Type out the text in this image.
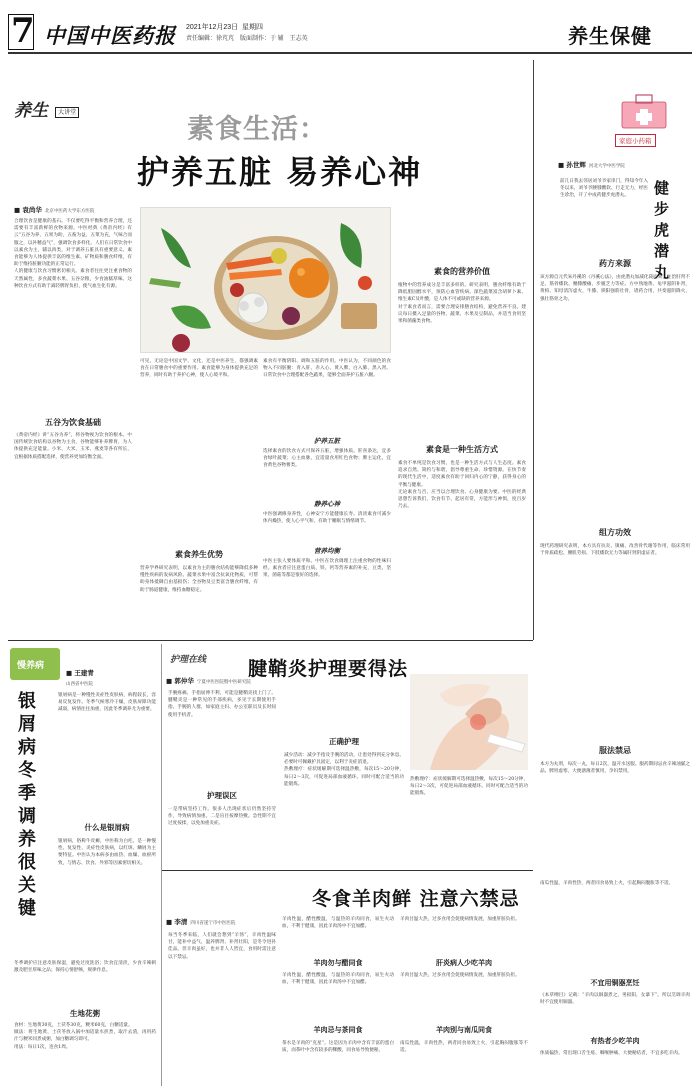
7 中国中医药报 2021年12月23日 星期四
责任编辑：徐芃芃　版面制作：于 辅　王志英	养生保健
养生 大讲堂
素食生活：
护养五脏 易养心神
■ 袁尚华 北京中医药大学东方医院
合理饮食是健康的基石。不仅要吃得平衡和营养合理，还需要有丰富新鲜的食物来源。中医经典《黄帝内经》有云“五谷为养，五果为助，五畜为益，五菜为充，气味合而服之，以补精益气”，强调饮食多样化。人们在日常饮食中以素食为主，辅以肉类，对于调养五脏具有重要意义。素食能够为人体提供丰富的维生素、矿物质和膳食纤维，有助于维持脏腑功能的正常运行。
人的健康与饮食习惯密切相关。素食者往往更注重食物的天然属性，多食蔬菜水果、五谷杂粮，少食油腻厚味。这种饮食方式有助于减轻脾胃负担，使气血生化有源。
五谷为饮食基础
《黄帝内经》讲“五谷为养”，将谷物视为饮食的根本。中国传统饮食结构以谷物为主食，谷物能够补养脾胃，为人体提供充足能量。小米、大米、玉米、燕麦等各有所长，宜根据体质搭配选择，使营养更加均衡全面。
可见，无论是中国文学、文化，还是中医养生，都强调素食在日常膳食中的重要作用。素食能够为身体提供充足的营养，同时有助于养护心神，使人心境平和。
素食养生优势
营养学界研究表明，以素食为主的膳食结构能够降低多种慢性疾病的发病风险。蔬菜水果中富含抗氧化物质，可帮助身体抵御自由基损伤；全谷物及豆类富含膳食纤维，有助于肠道健康，维持血糖稳定。
素食有平衡阴阳、调和五脏的作用。中医认为，不同颜色的食物入不同脏腑：青入肝、赤入心、黄入脾、白入肺、黑入肾。日常饮食中合理搭配各色蔬果，能够全面养护五脏六腑。
护养五脏
选择素食的饮食方式可保养五脏，增强体质。肝喜条达，宜多食绿叶蔬菜；心主血脉，宜适量食用红色食物；脾主运化，宜食黄色谷物薯类。
静养心神
中医强调修身养性，心神安宁方能健康长寿。清淡素食可减少体内燥热，使人心平气和，有助于睡眠与情绪调节。
营养均衡
中医主张人要体质平和。中医在饮食调理上注重食物的性味归经。素食者应注意蛋白质、铁、钙等营养素的补充，豆类、坚果、菌菇等都是很好的选择。
素食的营养价值
植物中的营养成分是丰富多样的。研究表明，膳食纤维有助于降低胆固醇水平，预防心血管疾病。深色蔬菜富含胡萝卜素、维生素C及叶酸，是人体不可或缺的营养来源。
对于素食者而言，需要合理安排膳食结构，避免营养不良。建议每日摄入足量的谷物、蔬菜、水果及豆制品，并适当食用坚果和菌藻类食物。
素食是一种生活方式
素食不单纯是饮食习惯，也是一种生活方式与人生态度。素食追求自然、简约与和谐，倡导尊重生命、珍惜资源。在快节奏的现代生活中，适度素食有助于回归内心的宁静，获得身心的平衡与健康。
无论素食与否，应当以合理饮食、心身健康为要。中医的经典思想告诉我们，饮食有节、起居有常，方能形与神俱，度百岁乃去。
家庭小药箱
■ 孙世辉 河北大学中医学院
健步虎潜丸
前几日我去邻居刘爷爷家串门，得知今年入冬以来，刘爷爷腰膝酸软、行走无力，经医生诊治，开了中成药健步虎潜丸。
药方来源
该方源自元代朱丹溪的《丹溪心法》，由虎潜丸加减化裁而来，主治肝肾不足、筋骨痿软、腰膝酸痛、步履乏力等症。方中熟地黄、龟甲滋阴补肾，黄柏、知母清泻虚火，牛膝、锁阳强筋壮骨，诸药合用，共奏滋阴降火、强壮筋骨之功。
组方功效
现代药理研究表明，本方具有抗炎、镇痛、改善骨代谢等作用，临床常用于骨质疏松、腰肌劳损、下肢痿软无力等属肝肾阴虚证者。
服法禁忌
本方为丸剂，每次一丸，每日2次，温开水送服。服药期间忌食辛辣油腻之品。脾胃虚寒、大便溏薄者慎用，孕妇禁用。
慢养病
■ 王建青
山西省中医院
银屑病冬季调养很关键
银屑病是一种慢性炎症性皮肤病，病程较长，容易反复发作。冬季气候寒冷干燥，皮肤屏障功能减弱，病情往往加重，因此冬季调养尤为重要。
什么是银屑病
银屑病，俗称牛皮癣，中医称为白疕，是一种慢性、复发性、炎症性皮肤病，以红斑、鳞屑为主要特征。中医认为本病多由血热、血燥、血瘀所致，与情志、饮食、外邪等因素密切相关。
冬季调护应注意皮肤保湿，避免过度洗浴；饮食宜清淡，少食辛辣刺激及肥甘厚味之品；保持心情舒畅，规律作息。
生地花粥
食材：生地黄30克，土茯苓30克，粳米60克，白糖适量。
做法：将生地黄、土茯苓放入锅中加适量水煎煮，取汁去渣，再用药汁与粳米同煮成粥，加白糖调匀即可。
用法：每日1次，连食1周。
护理在线 腱鞘炎护理要得法
■ 郭仲华 宁夏中医医院暨中医研究院
手腕疼痛、手指屈伸不利，可能是腱鞘炎找上门了。腱鞘炎是一种常见的手部疾病，多见于长期使用手指、手腕的人群，如家庭主妇、办公室职员及长时间使用手机者。
护理误区
一是带病坚持工作。很多人出现症状后仍然坚持劳作，导致病情加重。二是盲目按摩热敷。急性期不宜过度按揉，以免加重炎症。
正确护理
减少活动：减少手指及手腕的活动，让患处得到充分休息。必要时可佩戴护具固定，以利于炎症消退。
热敷理疗：症状缓解期可选择温热敷，每次15～20分钟，每日2～3次，可促进局部血液循环。同时可配合适当的功能锻炼。
热敷理疗：症状缓解期可选择温热敷，每次15～20分钟，每日2～3次，可促进局部血液循环。同时可配合适当的功能锻炼。
冬食羊肉鲜 注意六禁忌
■ 李清 四川省遂宁市中医医院
每当冬季来临，人们就会想到“羊汤”，羊肉性温味甘，能补中益气、温养脾肾、补肾壮阳，是冬令进补佳品。但羊肉虽好，也并非人人皆宜，食用时需注意以下禁忌。
羊肉性温，醋性酸温，与温热的羊肉同食，易生火动血，不利于健康，因此羊肉汤中不宜加醋。
羊肉勿与醋同食
羊肉性温，醋性酸温，与温热的羊肉同食，易生火动血，不利于健康，因此羊肉汤中不宜加醋。
羊肉忌与茶同食
茶水是羊肉的“克星”。这是因为羊肉中含有丰富的蛋白质，而茶叶中含有较多的鞣酸，同食易导致便秘。
羊肉甘温大热，过多食用会促使病情发展，加重肝脏负担。
肝炎病人少吃羊肉
羊肉甘温大热，过多食用会促使病情发展，加重肝脏负担。
羊肉别与南瓜同食
南瓜性温，羊肉性热，两者同食易致上火，引起胸闷腹胀等不适。
南瓜性温，羊肉性热，两者同食易致上火，引起胸闷腹胀等不适。
不宜用铜器烹饪
《本草纲目》记载：“羊肉以铜器煮之，男损阳，女暴下”。所以烹调羊肉时不宜使用铜器。
有热者少吃羊肉
体质偏热、常出现口舌生疮、咽喉肿痛、大便秘结者，不宜多吃羊肉。
